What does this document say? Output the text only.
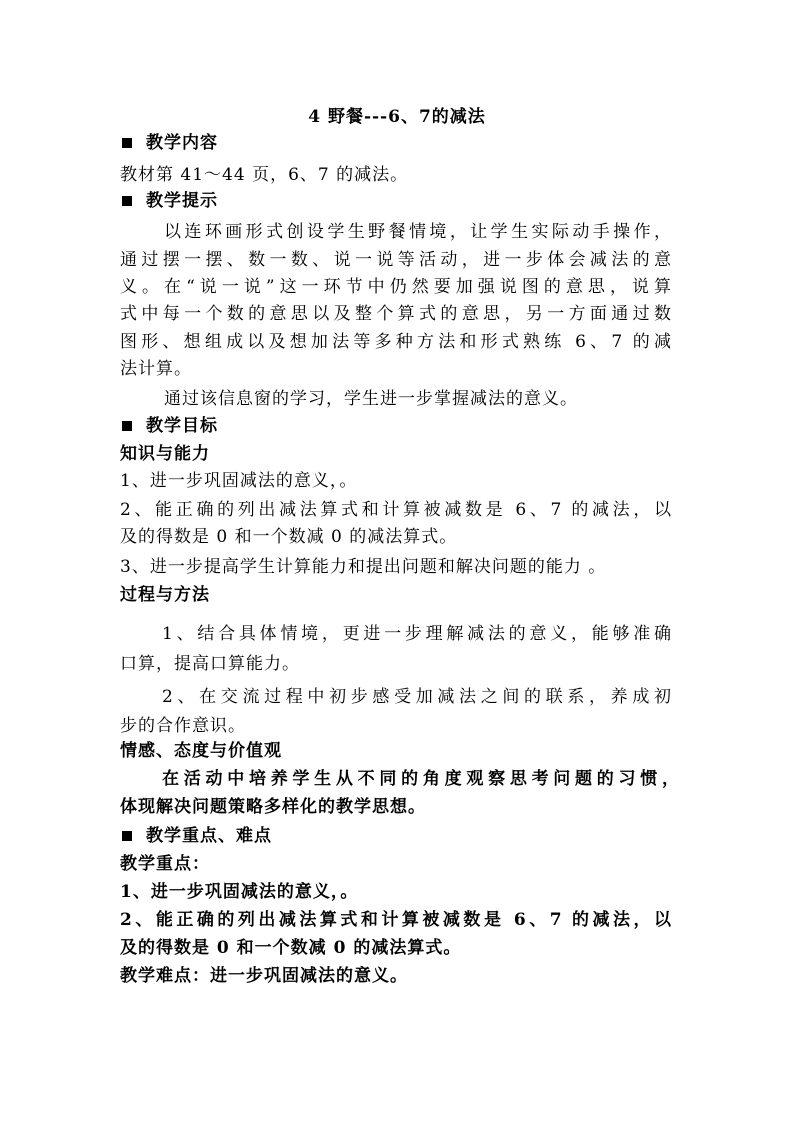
4 野餐---6、7的减法
教学内容
教材第 41～44 页，6、7 的减法。
教学提示
以连环画形式创设学生野餐情境，让学生实际动手操作，
通过摆一摆、数一数、说一说等活动，进一步体会减法的意
义。在“说一说”这一环节中仍然要加强说图的意思，说算
式中每一个数的意思以及整个算式的意思，另一方面通过数
图形、想组成以及想加法等多种方法和形式熟练 6、7 的减
法计算。
通过该信息窗的学习，学生进一步掌握减法的意义。
教学目标
知识与能力
1、进一步巩固减法的意义，。
2、能正确的列出减法算式和计算被减数是 6、7 的减法，以
及的得数是 0 和一个数减 0 的减法算式。
3、进一步提高学生计算能力和提出问题和解决问题的能力 。
过程与方法
1、结合具体情境，更进一步理解减法的意义，能够准确
口算，提高口算能力。
2、在交流过程中初步感受加减法之间的联系，养成初
步的合作意识。
情感、态度与价值观
在活动中培养学生从不同的角度观察思考问题的习惯，
体现解决问题策略多样化的教学思想。
教学重点、难点
教学重点：
1、进一步巩固减法的意义，。
2、能正确的列出减法算式和计算被减数是 6、7 的减法，以
及的得数是 0 和一个数减 0 的减法算式。
教学难点：进一步巩固减法的意义。
